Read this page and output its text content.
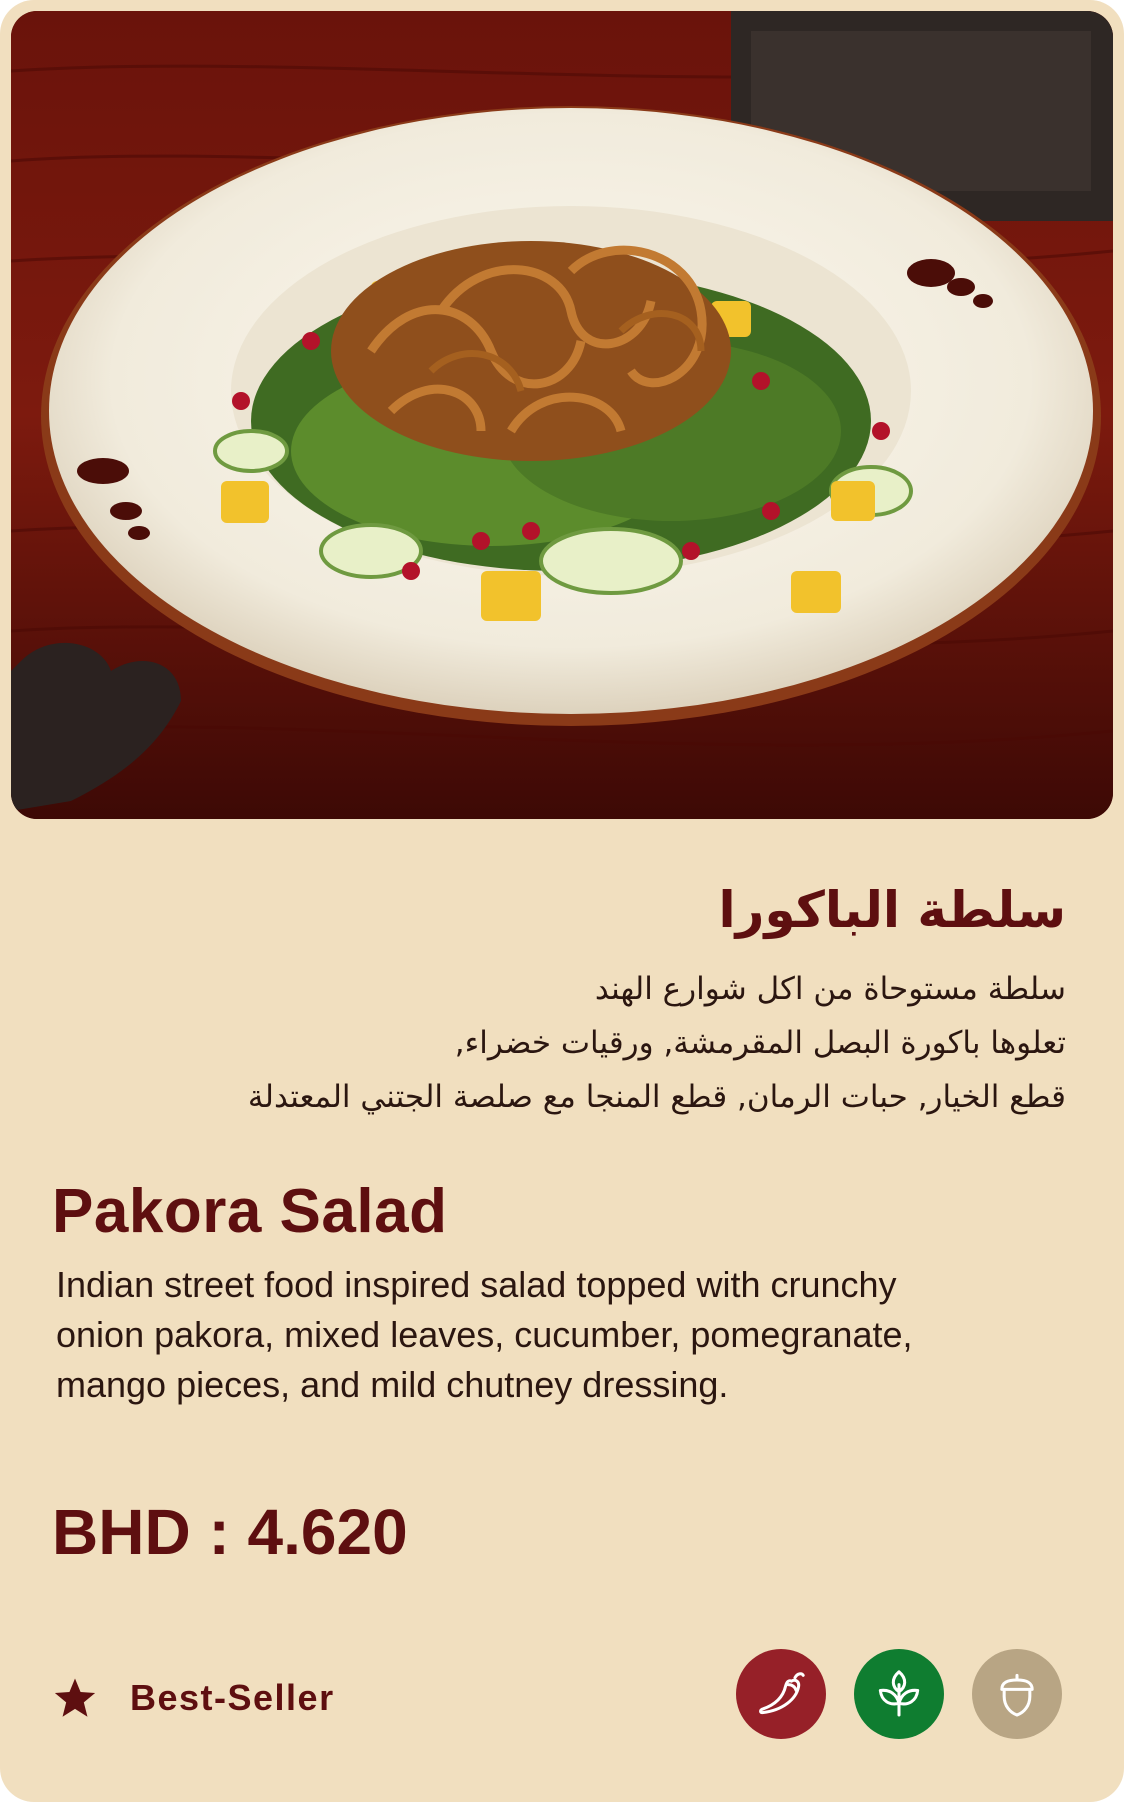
سلطة الباكورا
سلطة مستوحاة من اكل شوارع الهند
تعلوها باكورة البصل المقرمشة, ورقيات خضراء,
قطع الخيار, حبات الرمان, قطع المنجا مع صلصة الجتني المعتدلة
Pakora Salad
Indian street food inspired salad topped with crunchy
onion pakora, mixed leaves, cucumber, pomegranate,
mango pieces, and mild chutney dressing.
BHD : 4.620
Best-Seller
